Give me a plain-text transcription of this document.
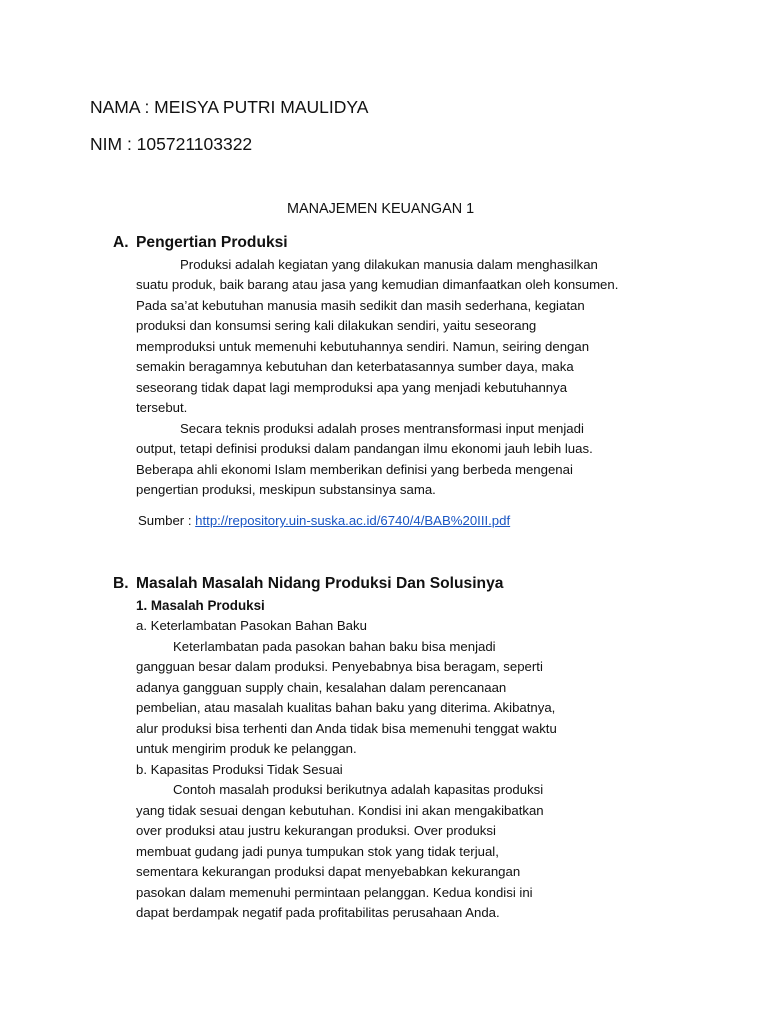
NAMA : MEISYA PUTRI MAULIDYA
NIM : 105721103322
MANAJEMEN KEUANGAN 1
A. Pengertian Produksi
Produksi adalah kegiatan yang dilakukan manusia dalam menghasilkan
suatu produk, baik barang atau jasa yang kemudian dimanfaatkan oleh konsumen.
Pada sa’at kebutuhan manusia masih sedikit dan masih sederhana, kegiatan
produksi dan konsumsi sering kali dilakukan sendiri, yaitu seseorang
memproduksi untuk memenuhi kebutuhannya sendiri. Namun, seiring dengan
semakin beragamnya kebutuhan dan keterbatasannya sumber daya, maka
seseorang tidak dapat lagi memproduksi apa yang menjadi kebutuhannya
tersebut.
Secara teknis produksi adalah proses mentransformasi input menjadi
output, tetapi definisi produksi dalam pandangan ilmu ekonomi jauh lebih luas.
Beberapa ahli ekonomi Islam memberikan definisi yang berbeda mengenai
pengertian produksi, meskipun substansinya sama.
Sumber : http://repository.uin-suska.ac.id/6740/4/BAB%20III.pdf
B. Masalah Masalah Nidang Produksi Dan Solusinya
1. Masalah Produksi
a. Keterlambatan Pasokan Bahan Baku
Keterlambatan pada pasokan bahan baku bisa menjadi
gangguan besar dalam produksi. Penyebabnya bisa beragam, seperti
adanya gangguan supply chain, kesalahan dalam perencanaan
pembelian, atau masalah kualitas bahan baku yang diterima. Akibatnya,
alur produksi bisa terhenti dan Anda tidak bisa memenuhi tenggat waktu
untuk mengirim produk ke pelanggan.
b. Kapasitas Produksi Tidak Sesuai
Contoh masalah produksi berikutnya adalah kapasitas produksi
yang tidak sesuai dengan kebutuhan. Kondisi ini akan mengakibatkan
over produksi atau justru kekurangan produksi. Over produksi
membuat gudang jadi punya tumpukan stok yang tidak terjual,
sementara kekurangan produksi dapat menyebabkan kekurangan
pasokan dalam memenuhi permintaan pelanggan. Kedua kondisi ini
dapat berdampak negatif pada profitabilitas perusahaan Anda.
